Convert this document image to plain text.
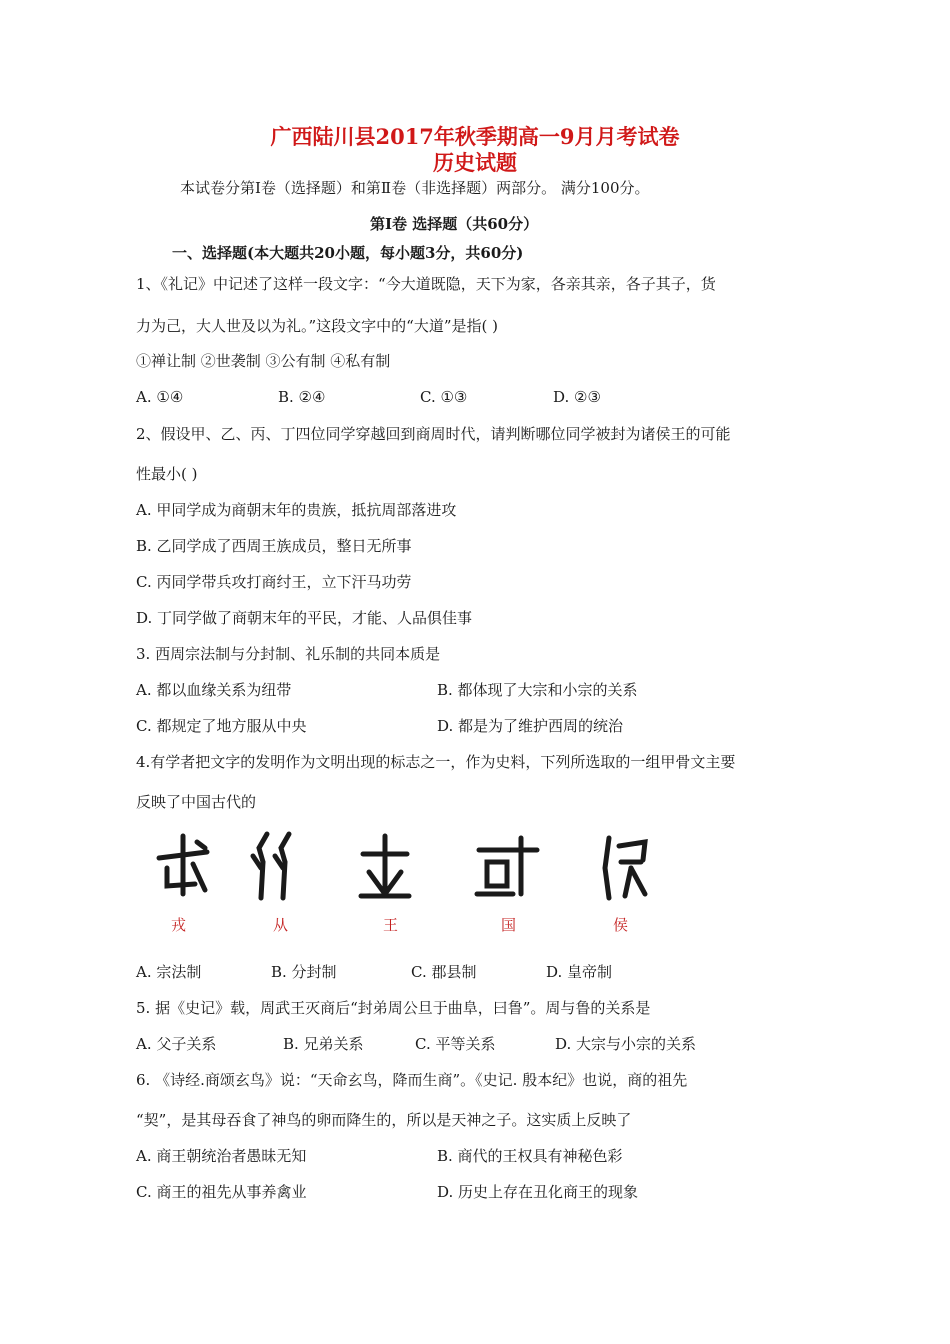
广西陆川县2017年秋季期高一9月月考试卷
历史试题
本试卷分第Ⅰ卷（选择题）和第Ⅱ卷（非选择题）两部分。 满分100分。
第Ⅰ卷 选择题（共60分）
一、选择题(本大题共20小题，每小题3分，共60分)
1、《礼记》中记述了这样一段文字：“今大道既隐，天下为家，各亲其亲，各子其子，货
力为己，大人世及以为礼。”这段文字中的“大道”是指( )
①禅让制 ②世袭制 ③公有制 ④私有制
A. ①④	B. ②④	C. ①③	D. ②③
2、假设甲、乙、丙、丁四位同学穿越回到商周时代，请判断哪位同学被封为诸侯王的可能
性最小( )
A. 甲同学成为商朝末年的贵族，抵抗周部落进攻
B. 乙同学成了西周王族成员，整日无所事
C. 丙同学带兵攻打商纣王，立下汗马功劳
D. 丁同学做了商朝末年的平民，才能、人品俱佳事
3. 西周宗法制与分封制、礼乐制的共同本质是
A. 都以血缘关系为纽带	B. 都体现了大宗和小宗的关系
C. 都规定了地方服从中央	D. 都是为了维护西周的统治
4.有学者把文字的发明作为文明出现的标志之一，作为史料，下列所选取的一组甲骨文主要
反映了中国古代的
戎	从	王	国	侯
A. 宗法制	B. 分封制	C. 郡县制	D. 皇帝制
5. 据《史记》载，周武王灭商后“封弟周公旦于曲阜，曰鲁”。周与鲁的关系是
A. 父子关系	B. 兄弟关系	C. 平等关系	D. 大宗与小宗的关系
6. 《诗经.商颂玄鸟》说：“天命玄鸟，降而生商”。《史记. 殷本纪》也说，商的祖先
“契”，是其母吞食了神鸟的卵而降生的，所以是天神之子。这实质上反映了
A. 商王朝统治者愚昧无知	B. 商代的王权具有神秘色彩
C. 商王的祖先从事养禽业	D. 历史上存在丑化商王的现象
